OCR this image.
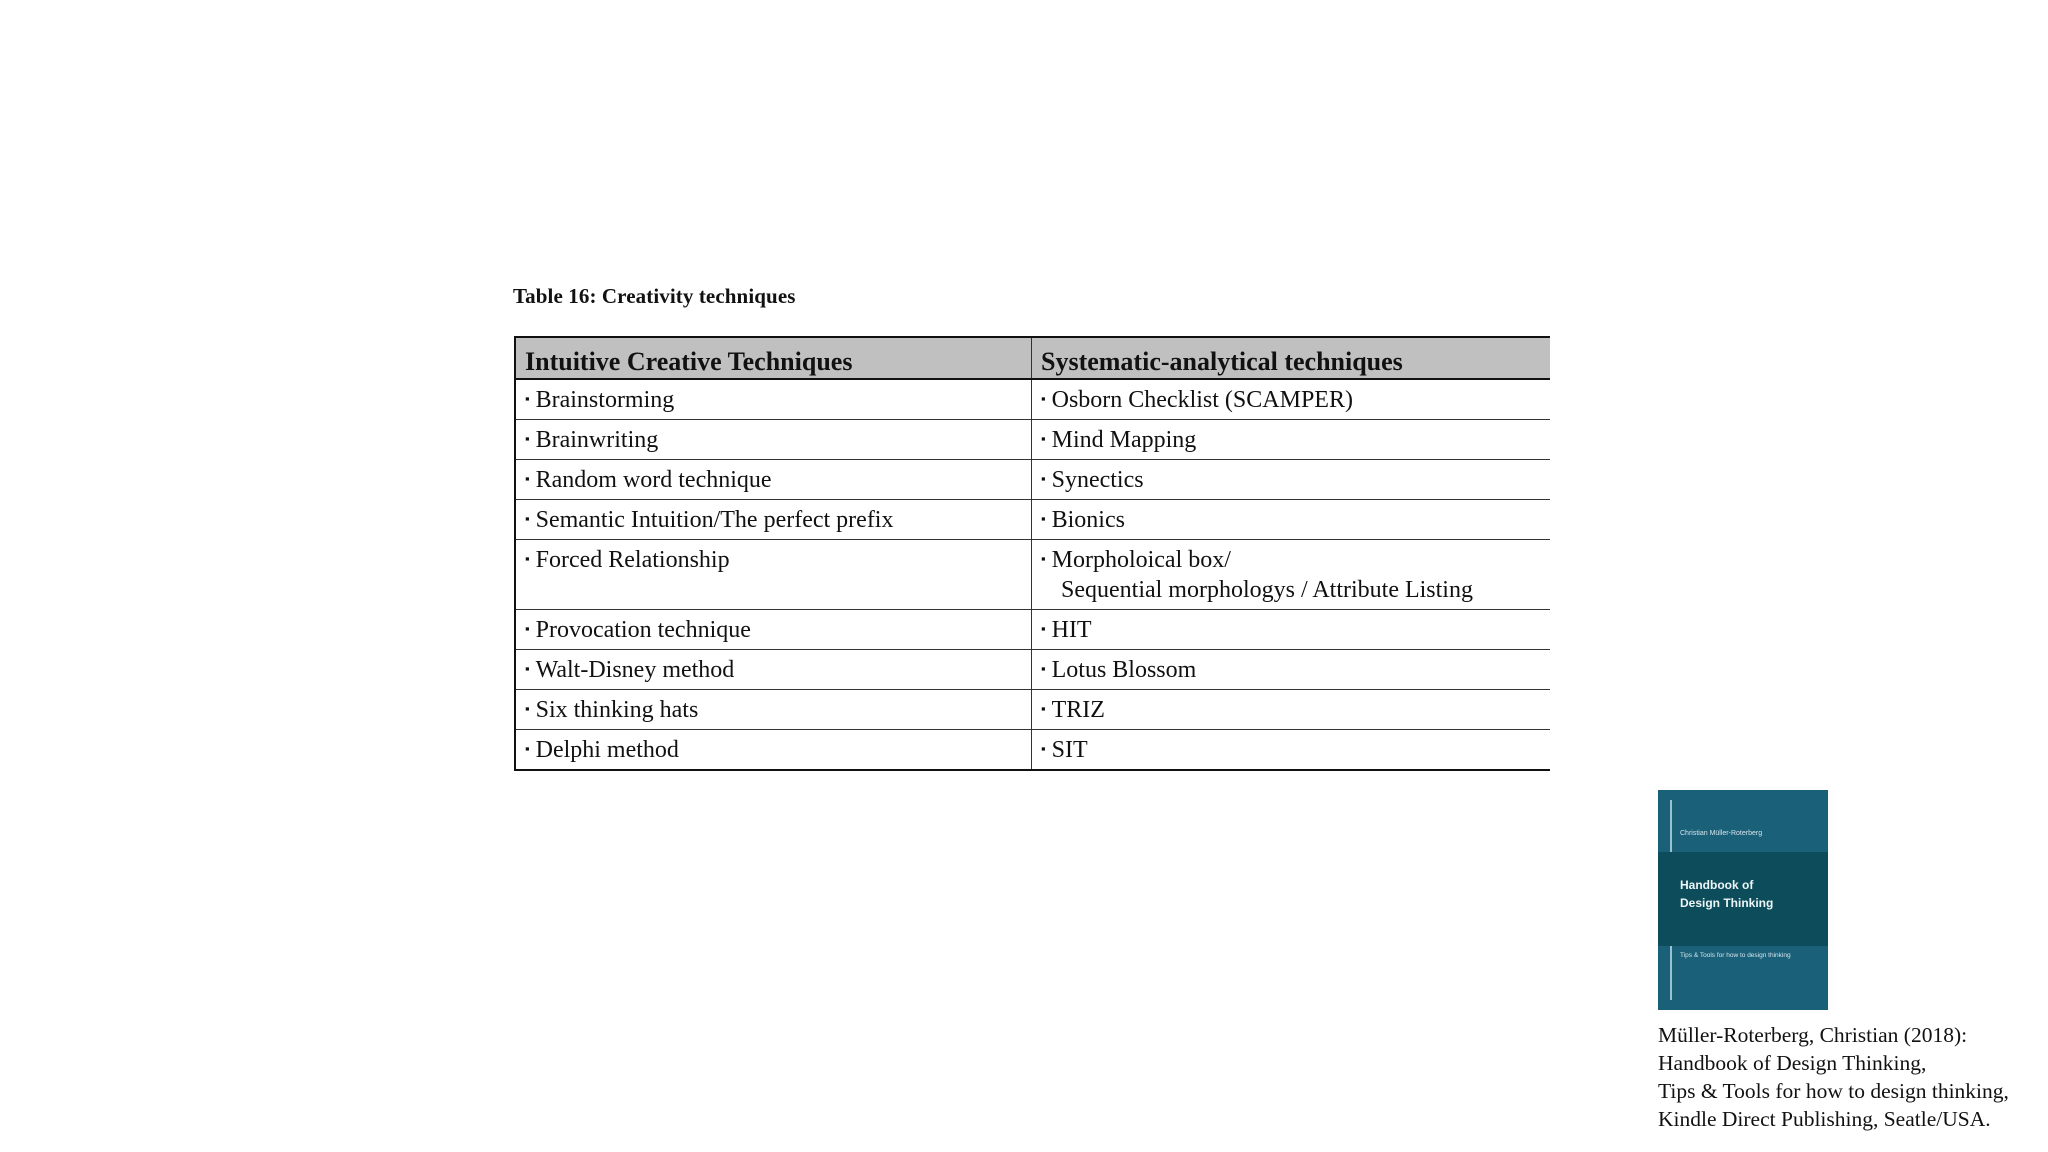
Table 16: Creativity techniques
Intuitive Creative Techniques	Systematic-analytical techniques
▪ Brainstorming	▪ Osborn Checklist (SCAMPER)
▪ Brainwriting	▪ Mind Mapping
▪ Random word technique	▪ Synectics
▪ Semantic Intuition/The perfect prefix	▪ Bionics
▪ Forced Relationship	▪ Morpholoical box/
Sequential morphologys / Attribute Listing
▪ Provocation technique	▪ HIT
▪ Walt-Disney method	▪ Lotus Blossom
▪ Six thinking hats	▪ TRIZ
▪ Delphi method	▪ SIT
Christian Müller-Roterberg
Handbook of
Design Thinking
Tips & Tools for how to design thinking
Müller-Roterberg, Christian (2018):
Handbook of Design Thinking,
Tips & Tools for how to design thinking,
Kindle Direct Publishing, Seatle/USA.
